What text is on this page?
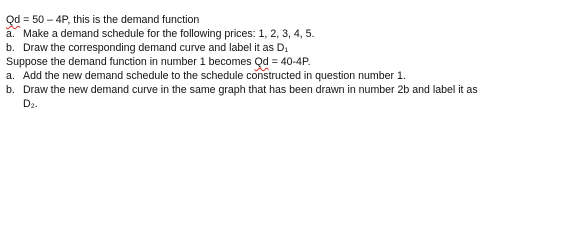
Qd = 50 – 4P, this is the demand function
a. Make a demand schedule for the following prices: 1, 2, 3, 4, 5.
b. Draw the corresponding demand curve and label it as D₁
Suppose the demand function in number 1 becomes Qd = 40-4P.
a. Add the new demand schedule to the schedule constructed in question number 1.
b. Draw the new demand curve in the same graph that has been drawn in number 2b and label it as
D₂.
